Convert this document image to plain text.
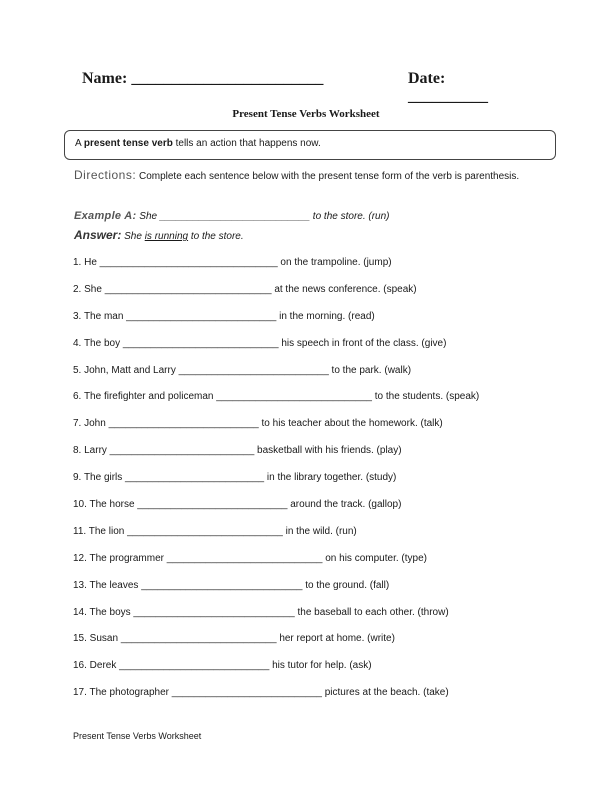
Name: ________________________	Date: __________
Present Tense Verbs Worksheet
A present tense verb tells an action that happens now.
Directions: Complete each sentence below with the present tense form of the verb is parenthesis.
Example A: She ___________________________ to the store. (run)
Answer: She is running to the store.
1. He ________________________________ on the trampoline. (jump)
2. She ______________________________ at the news conference. (speak)
3. The man ___________________________ in the morning. (read)
4. The boy ____________________________ his speech in front of the class. (give)
5. John, Matt and Larry ___________________________ to the park. (walk)
6. The firefighter and policeman ____________________________ to the students. (speak)
7. John ___________________________ to his teacher about the homework. (talk)
8. Larry __________________________ basketball with his friends. (play)
9. The girls _________________________ in the library together. (study)
10. The horse ___________________________ around the track. (gallop)
11. The lion ____________________________ in the wild. (run)
12. The programmer ____________________________ on his computer. (type)
13. The leaves _____________________________ to the ground. (fall)
14. The boys _____________________________ the baseball to each other. (throw)
15. Susan ____________________________ her report at home. (write)
16. Derek ___________________________ his tutor for help. (ask)
17. The photographer ___________________________ pictures at the beach. (take)
Present Tense Verbs Worksheet
